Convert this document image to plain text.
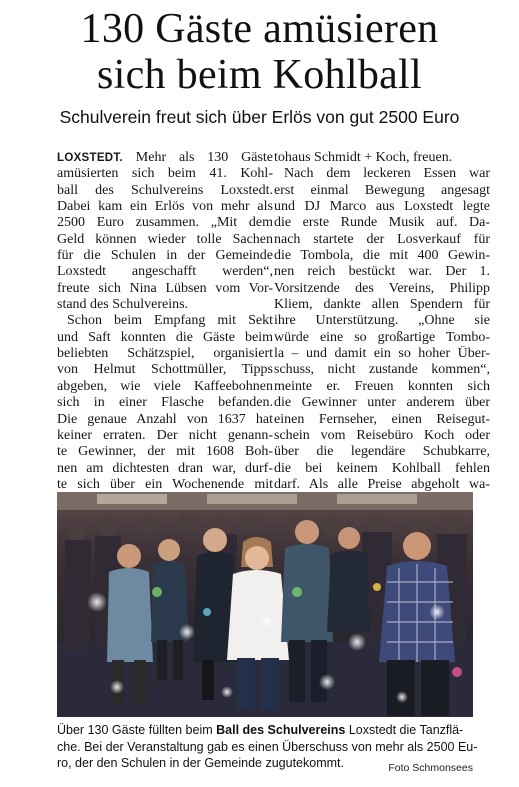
130 Gäste amüsieren
sich beim Kohlball
Schulverein freut sich über Erlös von gut 2500 Euro
LOXSTEDT. Mehr als 130 Gäste
amüsierten sich beim 41. Kohl-
ball des Schulvereins Loxstedt.
Dabei kam ein Erlös von mehr als
2500 Euro zusammen. „Mit dem
Geld können wieder tolle Sachen
für die Schulen in der Gemeinde
Loxstedt angeschafft werden“,
freute sich Nina Lübsen vom Vor-
stand des Schulvereins.
Schon beim Empfang mit Sekt
und Saft konnten die Gäste beim
beliebten Schätzspiel, organisiert
von Helmut Schottmüller, Tipps
abgeben, wie viele Kaffeebohnen
sich in einer Flasche befanden.
Die genaue Anzahl von 1637 hat
keiner erraten. Der nicht genann-
te Gewinner, der mit 1608 Boh-
nen am dichtesten dran war, durf-
te sich über ein Wochenende mit
tohaus Schmidt + Koch, freuen.
Nach dem leckeren Essen war
erst einmal Bewegung angesagt
und DJ Marco aus Loxstedt legte
die erste Runde Musik auf. Da-
nach startete der Losverkauf für
die Tombola, die mit 400 Gewin-
nen reich bestückt war. Der 1.
Vorsitzende des Vereins, Philipp
Kliem, dankte allen Spendern für
ihre Unterstützung. „Ohne sie
würde eine so großartige Tombo-
la – und damit ein so hoher Über-
schuss, nicht zustande kommen“,
meinte er. Freuen konnten sich
die Gewinner unter anderem über
einen Fernseher, einen Reisegut-
schein vom Reisebüro Koch oder
über die legendäre Schubkarre,
die bei keinem Kohlball fehlen
darf. Als alle Preise abgeholt wa-
Über 130 Gäste füllten beim Ball des Schulvereins Loxstedt die Tanzflä-
che. Bei der Veranstaltung gab es einen Überschuss von mehr als 2500 Eu-
ro, der den Schulen in der Gemeinde zugutekommt.	Foto Schmonsees
